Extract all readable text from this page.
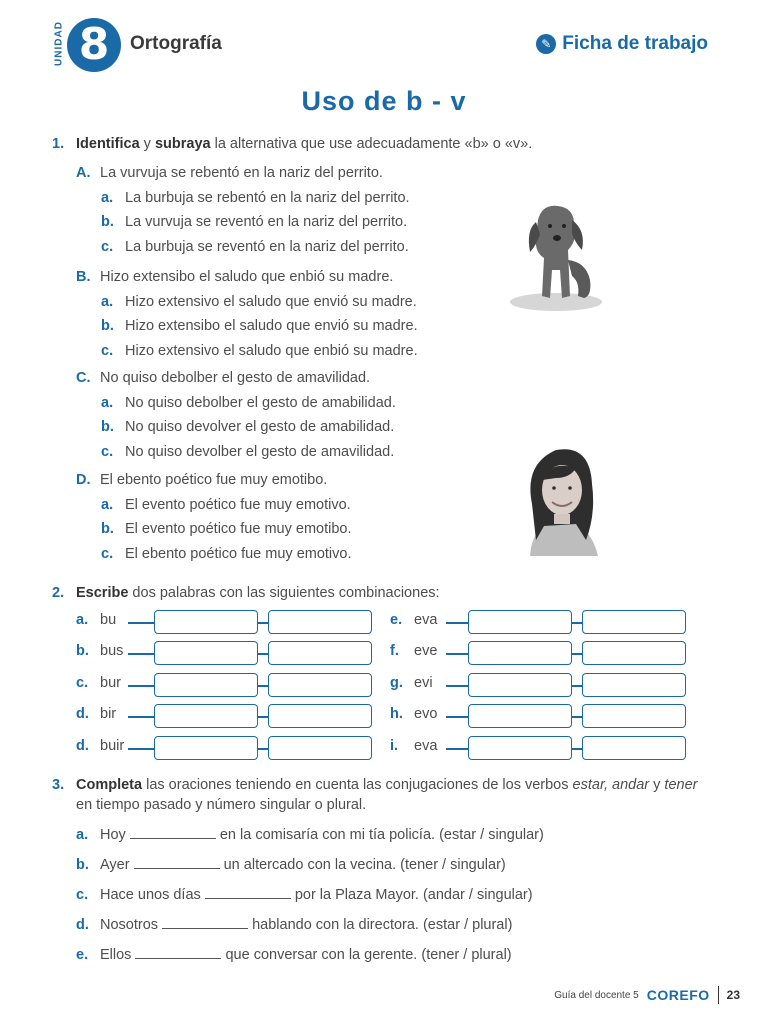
UNIDAD 8 Ortografía	✎ Ficha de trabajo
Uso de b - v
1. Identifica y subraya la alternativa que use adecuadamente «b» o «v».
A. La vurvuja se rebentó en la nariz del perrito.
a. La burbuja se rebentó en la nariz del perrito.
b. La vurvuja se reventó en la nariz del perrito.
c. La burbuja se reventó en la nariz del perrito.
B. Hizo extensibo el saludo que enbió su madre.
a. Hizo extensivo el saludo que envió su madre.
b. Hizo extensibo el saludo que envió su madre.
c. Hizo extensivo el saludo que enbió su madre.
C. No quiso debolber el gesto de amavilidad.
a. No quiso debolber el gesto de amabilidad.
b. No quiso devolver el gesto de amabilidad.
c. No quiso devolber el gesto de amavilidad.
D. El ebento poético fue muy emotibo.
a. El evento poético fue muy emotivo.
b. El evento poético fue muy emotibo.
c. El ebento poético fue muy emotivo.
2. Escribe dos palabras con las siguientes combinaciones:
a. bu
b. bus
c. bur
d. bir
d. buir
e. eva
f. eve
g. evi
h. evo
i. eva
3. Completa las oraciones teniendo en cuenta las conjugaciones de los verbos estar, andar y tener
en tiempo pasado y número singular o plural.
a. Hoy	en la comisaría con mi tía policía. (estar / singular)
b. Ayer	un altercado con la vecina. (tener / singular)
c. Hace unos días	por la Plaza Mayor. (andar / singular)
d. Nosotros	hablando con la directora. (estar / plural)
e. Ellos	que conversar con la gerente. (tener / plural)
Guía del docente 5 COREFO 23
